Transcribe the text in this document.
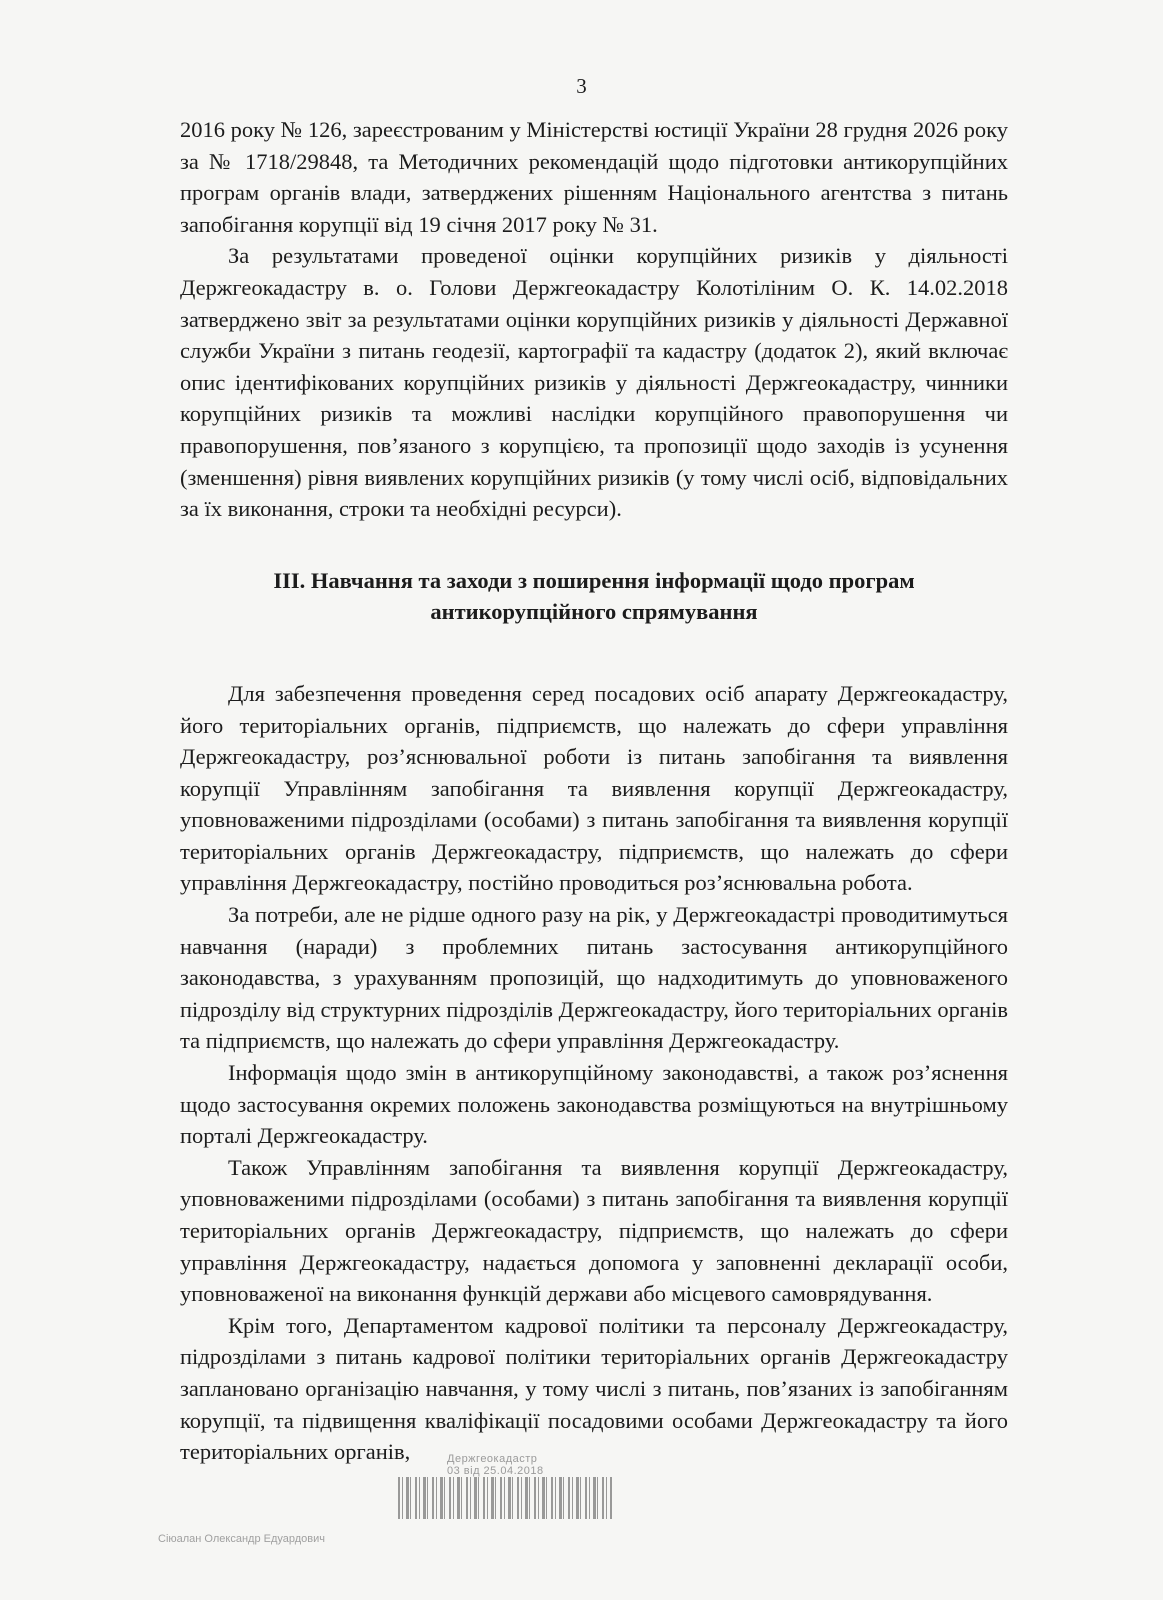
3

2016 року № 126, зареєстрованим у Міністерстві юстиції України 28 грудня 2026 року за № 1718/29848, та Методичних рекомендацій щодо підготовки антикорупційних програм органів влади, затверджених рішенням Національного агентства з питань запобігання корупції від 19 січня 2017 року № 31.

За результатами проведеної оцінки корупційних ризиків у діяльності Держгеокадастру в. о. Голови Держгеокадастру Колотіліним О. К. 14.02.2018 затверджено звіт за результатами оцінки корупційних ризиків у діяльності Державної служби України з питань геодезії, картографії та кадастру (додаток 2), який включає опис ідентифікованих корупційних ризиків у діяльності Держгеокадастру, чинники корупційних ризиків та можливі наслідки корупційного правопорушення чи правопорушення, пов’язаного з корупцією, та пропозиції щодо заходів із усунення (зменшення) рівня виявлених корупційних ризиків (у тому числі осіб, відповідальних за їх виконання, строки та необхідні ресурси).

ІІІ. Навчання та заходи з поширення інформації щодо програм антикорупційного спрямування

Для забезпечення проведення серед посадових осіб апарату Держгеокадастру, його територіальних органів, підприємств, що належать до сфери управління Держгеокадастру, роз’яснювальної роботи із питань запобігання та виявлення корупції Управлінням запобігання та виявлення корупції Держгеокадастру, уповноваженими підрозділами (особами) з питань запобігання та виявлення корупції територіальних органів Держгеокадастру, підприємств, що належать до сфери управління Держгеокадастру, постійно проводиться роз’яснювальна робота.

За потреби, але не рідше одного разу на рік, у Держгеокадастрі проводитимуться навчання (наради) з проблемних питань застосування антикорупційного законодавства, з урахуванням пропозицій, що надходитимуть до уповноваженого підрозділу від структурних підрозділів Держгеокадастру, його територіальних органів та підприємств, що належать до сфери управління Держгеокадастру.

Інформація щодо змін в антикорупційному законодавстві, а також роз’яснення щодо застосування окремих положень законодавства розміщуються на внутрішньому порталі Держгеокадастру.

Також Управлінням запобігання та виявлення корупції Держгеокадастру, уповноваженими підрозділами (особами) з питань запобігання та виявлення корупції територіальних органів Держгеокадастру, підприємств, що належать до сфери управління Держгеокадастру, надається допомога у заповненні декларації особи, уповноваженої на виконання функцій держави або місцевого самоврядування.

Крім того, Департаментом кадрової політики та персоналу Держгеокадастру, підрозділами з питань кадрової політики територіальних органів Держгеокадастру заплановано організацію навчання, у тому числі з питань, пов’язаних із запобіганням корупції, та підвищення кваліфікації посадовими особами Держгеокадастру та його територіальних органів,	Держгеокадастр
03 від 25.04.2018
Сіюалан Олександр Едуардович
